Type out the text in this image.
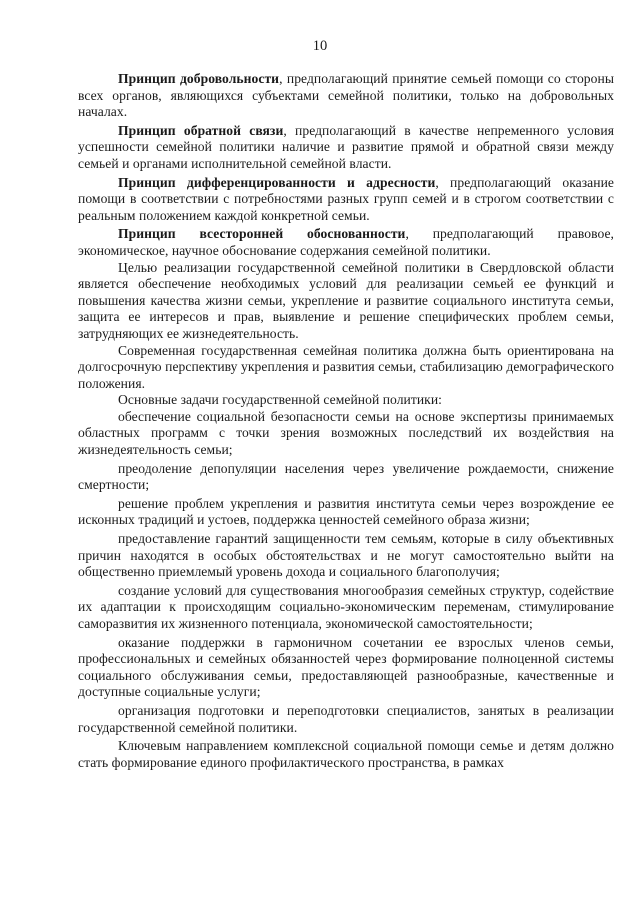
10

Принцип добровольности, предполагающий принятие семьей помощи со стороны всех органов, являющихся субъектами семейной политики, только на добровольных началах.

Принцип обратной связи, предполагающий в качестве непременного условия успешности семейной политики наличие и развитие прямой и обратной связи между семьей и органами исполнительной семейной власти.

Принцип дифференцированности и адресности, предполагающий оказание помощи в соответствии с потребностями разных групп семей и в строгом соответствии с реальным положением каждой конкретной семьи.

Принцип всесторонней обоснованности, предполагающий правовое, экономическое, научное обоснование содержания семейной политики.

Целью реализации государственной семейной политики в Свердловской области является обеспечение необходимых условий для реализации семьей ее функций и повышения качества жизни семьи, укрепление и развитие социального института семьи, защита ее интересов и прав, выявление и решение специфических проблем семьи, затрудняющих ее жизнедеятельность.

Современная государственная семейная политика должна быть ориентирована на долгосрочную перспективу укрепления и развития семьи, стабилизацию демографического положения.

Основные задачи государственной семейной политики:

обеспечение социальной безопасности семьи на основе экспертизы принимаемых областных программ с точки зрения возможных последствий их воздействия на жизнедеятельность семьи;

преодоление депопуляции населения через увеличение рождаемости, снижение смертности;

решение проблем укрепления и развития института семьи через возрождение ее исконных традиций и устоев, поддержка ценностей семейного образа жизни;

предоставление гарантий защищенности тем семьям, которые в силу объективных причин находятся в особых обстоятельствах и не могут самостоятельно выйти на общественно приемлемый уровень дохода и социального благополучия;

создание условий для существования многообразия семейных структур, содействие их адаптации к происходящим социально-экономическим переменам, стимулирование саморазвития их жизненного потенциала, экономической самостоятельности;

оказание поддержки в гармоничном сочетании ее взрослых членов семьи, профессиональных и семейных обязанностей через формирование полноценной системы социального обслуживания семьи, предоставляющей разнообразные, качественные и доступные социальные услуги;

организация подготовки и переподготовки специалистов, занятых в реализации государственной семейной политики.

Ключевым направлением комплексной социальной помощи семье и детям должно стать формирование единого профилактического пространства, в рамках
